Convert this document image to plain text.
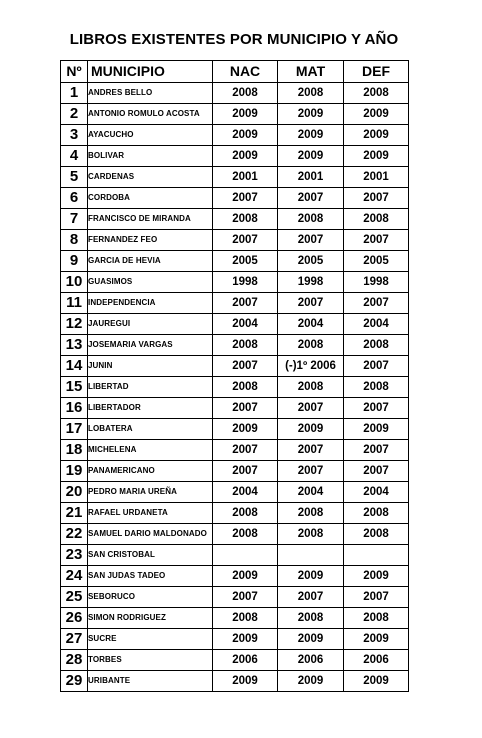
LIBROS EXISTENTES POR MUNICIPIO Y AÑO
Nº	MUNICIPIO	NAC	MAT	DEF
1	ANDRES BELLO	2008	2008	2008
2	ANTONIO ROMULO ACOSTA	2009	2009	2009
3	AYACUCHO	2009	2009	2009
4	BOLIVAR	2009	2009	2009
5	CARDENAS	2001	2001	2001
6	CORDOBA	2007	2007	2007
7	FRANCISCO DE MIRANDA	2008	2008	2008
8	FERNANDEZ FEO	2007	2007	2007
9	GARCIA DE HEVIA	2005	2005	2005
10	GUASIMOS	1998	1998	1998
11	INDEPENDENCIA	2007	2007	2007
12	JAUREGUI	2004	2004	2004
13	JOSEMARIA VARGAS	2008	2008	2008
14	JUNIN	2007	(-)1º 2006	2007
15	LIBERTAD	2008	2008	2008
16	LIBERTADOR	2007	2007	2007
17	LOBATERA	2009	2009	2009
18	MICHELENA	2007	2007	2007
19	PANAMERICANO	2007	2007	2007
20	PEDRO MARIA UREÑA	2004	2004	2004
21	RAFAEL URDANETA	2008	2008	2008
22	SAMUEL DARIO MALDONADO	2008	2008	2008
23	SAN CRISTOBAL			
24	SAN JUDAS TADEO	2009	2009	2009
25	SEBORUCO	2007	2007	2007
26	SIMON RODRIGUEZ	2008	2008	2008
27	SUCRE	2009	2009	2009
28	TORBES	2006	2006	2006
29	URIBANTE	2009	2009	2009
